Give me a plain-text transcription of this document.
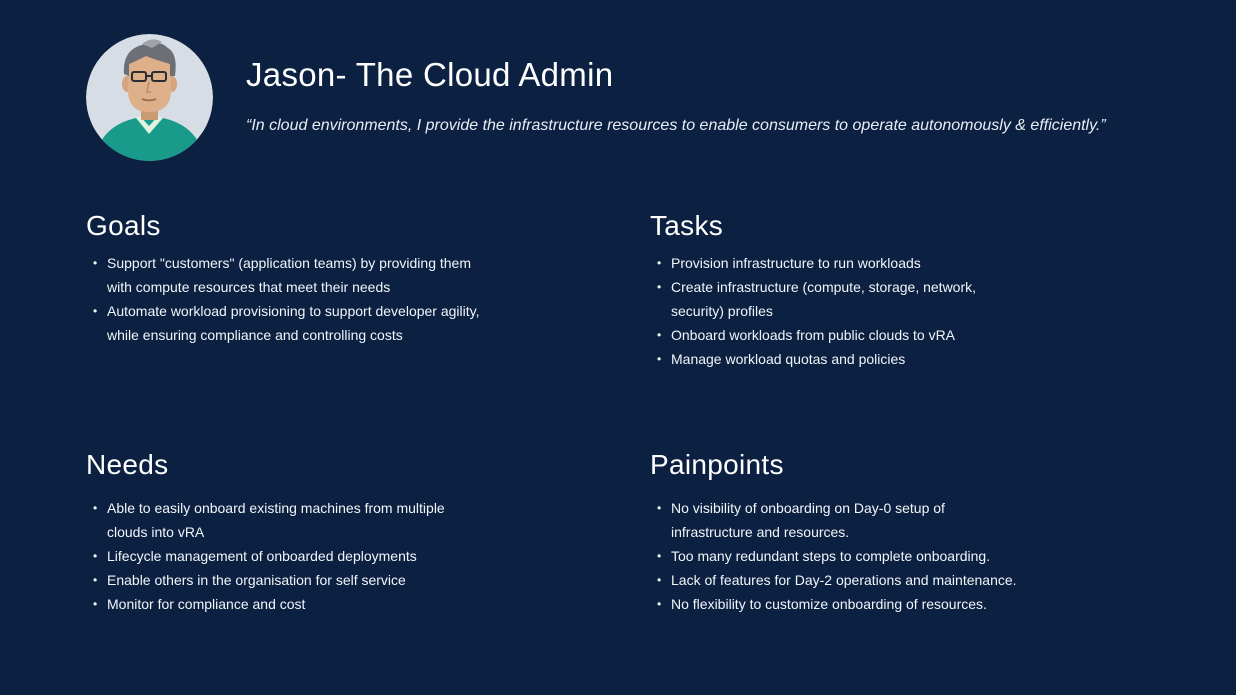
Jason- The Cloud Admin

“In cloud environments, I provide the infrastructure resources to enable consumers to operate autonomously & efficiently.”

Goals
• Support "customers" (application teams) by providing them with compute resources that meet their needs
• Automate workload provisioning to support developer agility, while ensuring compliance and controlling costs
Tasks
• Provision infrastructure to run workloads
• Create infrastructure (compute, storage, network, security) profiles
• Onboard workloads from public clouds to vRA
• Manage workload quotas and policies
Needs
• Able to easily onboard existing machines from multiple clouds into vRA
• Lifecycle management of onboarded deployments
• Enable others in the organisation for self service
• Monitor for compliance and cost
Painpoints
• No visibility of onboarding on Day-0 setup of infrastructure and resources.
• Too many redundant steps to complete onboarding.
• Lack of features for Day-2 operations and maintenance.
• No flexibility to customize onboarding of resources.
